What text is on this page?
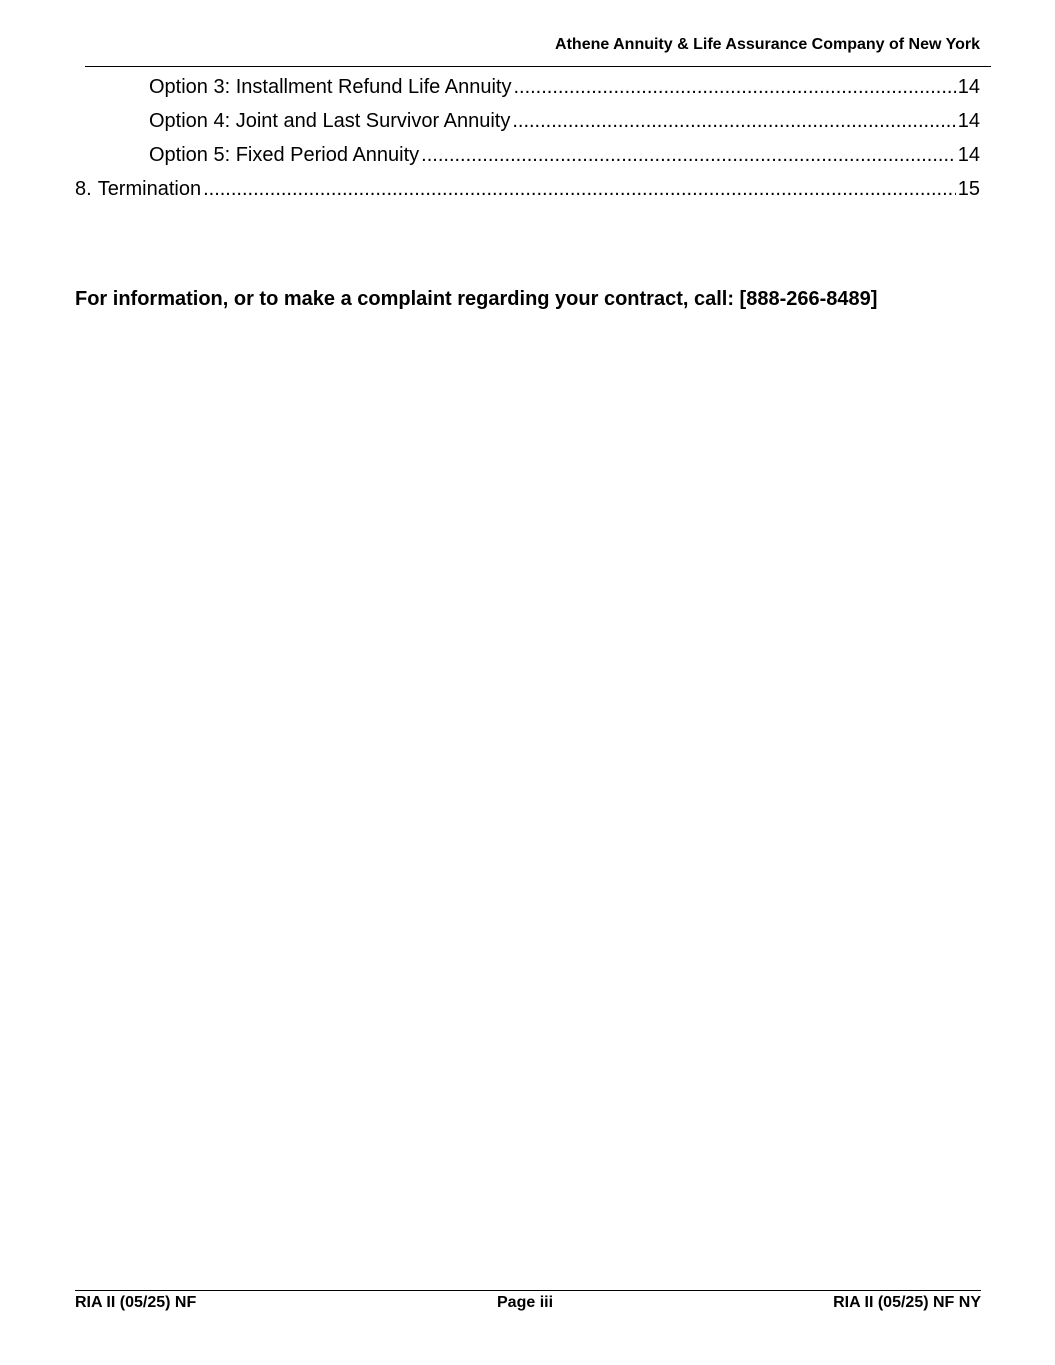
Athene Annuity & Life Assurance Company of New York
Option 3: Installment Refund Life Annuity .....	14
Option 4: Joint and Last Survivor Annuity .....	14
Option 5: Fixed Period Annuity .....	14
8. Termination .....	15
For information, or to make a complaint regarding your contract, call: [888-266-8489]
RIA II (05/25) NF	Page iii	RIA II (05/25) NF NY
